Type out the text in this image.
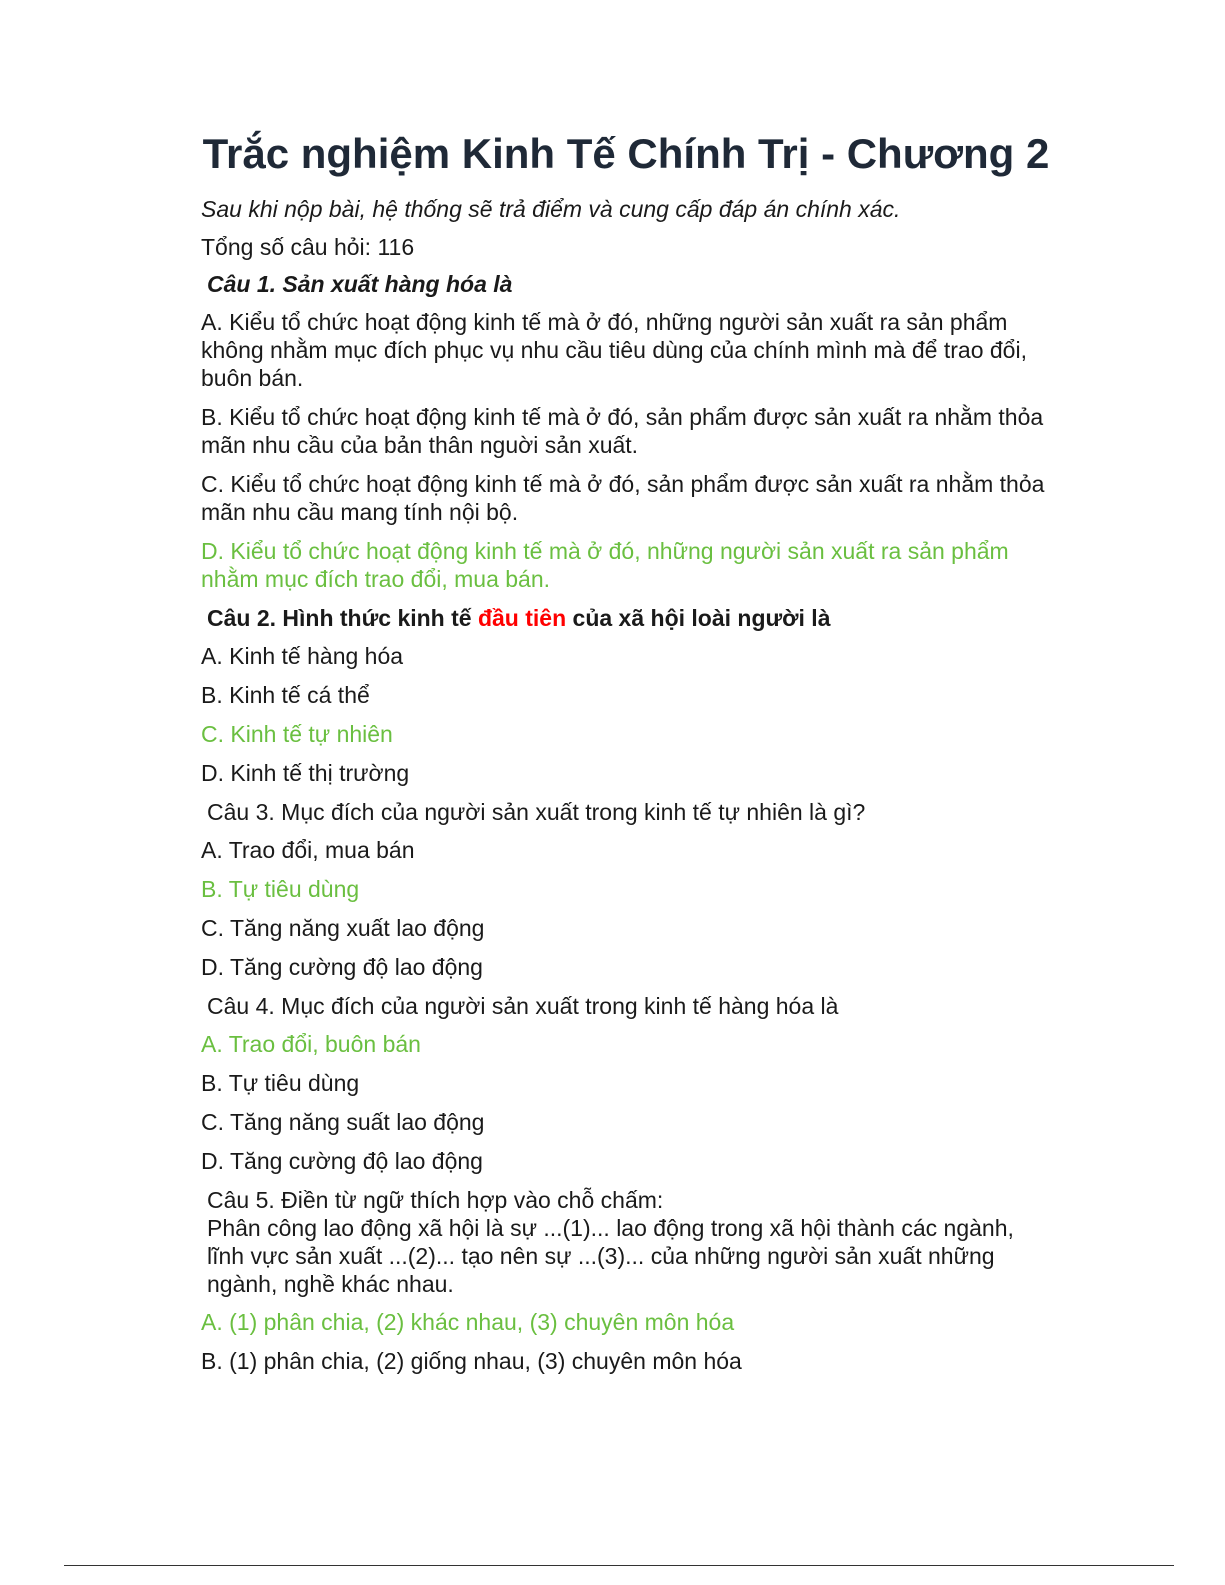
Trắc nghiệm Kinh Tế Chính Trị - Chương 2

Sau khi nộp bài, hệ thống sẽ trả điểm và cung cấp đáp án chính xác.

Tổng số câu hỏi: 116

Câu 1. Sản xuất hàng hóa là
A. Kiểu tổ chức hoạt động kinh tế mà ở đó, những người sản xuất ra sản phẩm không nhằm mục đích phục vụ nhu cầu tiêu dùng của chính mình mà để trao đổi, buôn bán.
B. Kiểu tổ chức hoạt động kinh tế mà ở đó, sản phẩm được sản xuất ra nhằm thỏa mãn nhu cầu của bản thân nguời sản xuất.
C. Kiểu tổ chức hoạt động kinh tế mà ở đó, sản phẩm được sản xuất ra nhằm thỏa mãn nhu cầu mang tính nội bộ.
D. Kiểu tổ chức hoạt động kinh tế mà ở đó, những người sản xuất ra sản phẩm nhằm mục đích trao đổi, mua bán.
Câu 2. Hình thức kinh tế đầu tiên của xã hội loài người là
A. Kinh tế hàng hóa
B. Kinh tế cá thể
C. Kinh tế tự nhiên
D. Kinh tế thị trường
Câu 3. Mục đích của người sản xuất trong kinh tế tự nhiên là gì?
A. Trao đổi, mua bán
B. Tự tiêu dùng
C. Tăng năng xuất lao động
D. Tăng cường độ lao động
Câu 4. Mục đích của người sản xuất trong kinh tế hàng hóa là
A. Trao đổi, buôn bán
B. Tự tiêu dùng
C. Tăng năng suất lao động
D. Tăng cường độ lao động
Câu 5. Điền từ ngữ thích hợp vào chỗ chấm:
Phân công lao động xã hội là sự ...(1)... lao động trong xã hội thành các ngành, lĩnh vực sản xuất ...(2)... tạo nên sự ...(3)... của những người sản xuất những ngành, nghề khác nhau.
A. (1) phân chia, (2) khác nhau, (3) chuyên môn hóa
B. (1) phân chia, (2) giống nhau, (3) chuyên môn hóa
